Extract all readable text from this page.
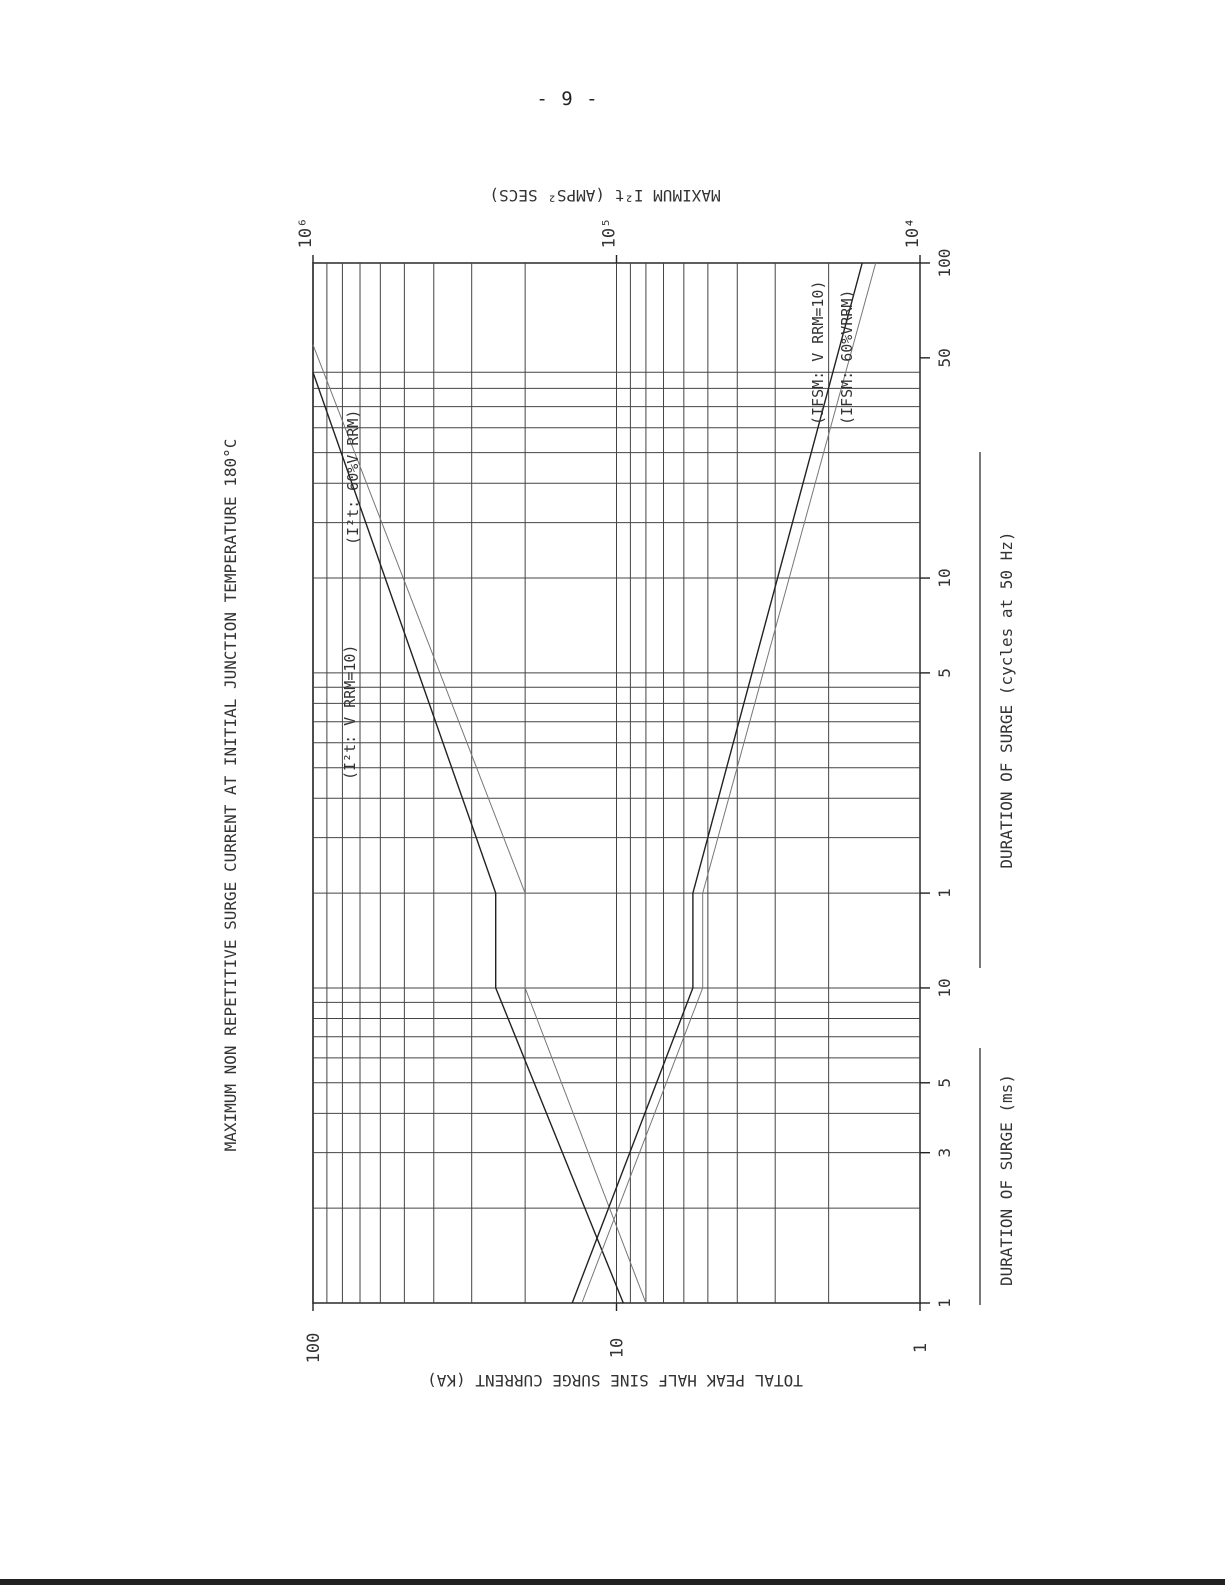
- 9 -
(I²t: V RRM=10)
(I²t: 60%V RRM)
(IFSM: V RRM=10) (IFSM: 60%VRRM)
100	10	1
10⁶	10⁵	10⁴
1
3
5
10
1
5
10
50
100
MAXIMUM NON REPETITIVE SURGE CURRENT AT INITIAL JUNCTION TEMPERATURE 180°C
DURATION OF SURGE (ms)
DURATION OF SURGE (cycles at 50 Hz)
TOTAL PEAK HALF SINE SURGE CURRENT (KA)
MAXIMUM I²t (AMPS² SECS)
